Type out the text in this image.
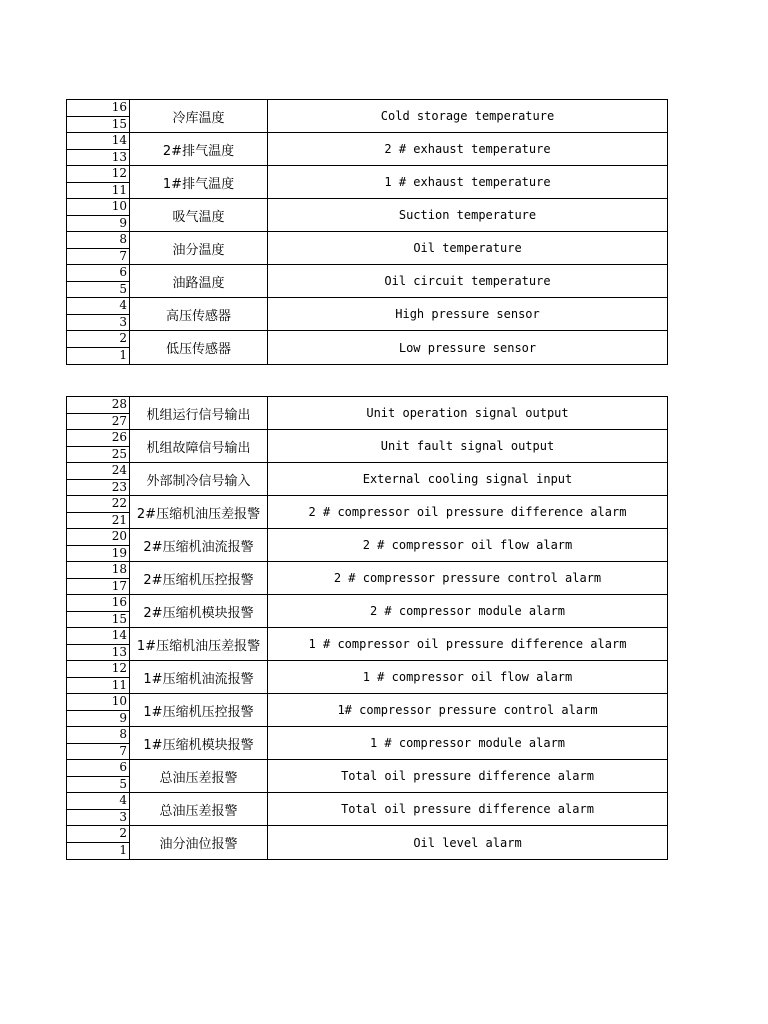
16
15	冷库温度	Cold storage temperature
14
13	2#排气温度	2 # exhaust temperature
12
11	1#排气温度	1 # exhaust temperature
10
9	吸气温度	Suction temperature
8
7	油分温度	Oil temperature
6
5	油路温度	Oil circuit temperature
4
3	高压传感器	High pressure sensor
2
1	低压传感器	Low pressure sensor
28
27	机组运行信号输出	Unit operation signal output
26
25	机组故障信号输出	Unit fault signal output
24
23	外部制冷信号输入	External cooling signal input
22
21 2#压缩机油压差报警	2 # compressor oil pressure difference alarm
20
19	2#压缩机油流报警	2 # compressor oil flow alarm
18
17	2#压缩机压控报警	2 # compressor pressure control alarm
16
15	2#压缩机模块报警	2 # compressor module alarm
14
13 1#压缩机油压差报警	1 # compressor oil pressure difference alarm
12
11	1#压缩机油流报警	1 # compressor oil flow alarm
10
9	1#压缩机压控报警	1# compressor pressure control alarm
8
7	1#压缩机模块报警	1 # compressor module alarm
6
5	总油压差报警	Total oil pressure difference alarm
4
3	总油压差报警	Total oil pressure difference alarm
2
1	油分油位报警	Oil level alarm
